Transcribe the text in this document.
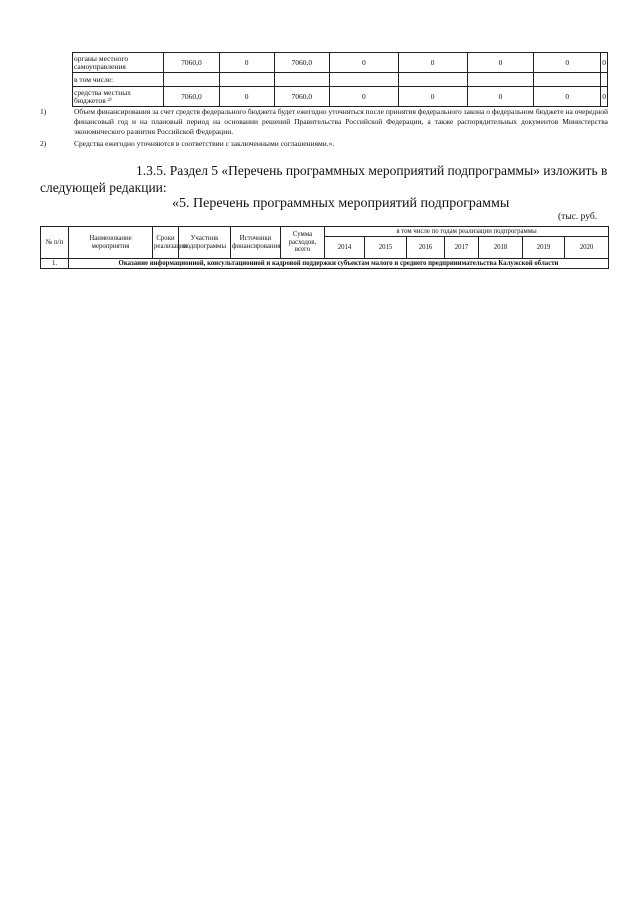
органы местного самоуправления	7060,0	0	7060,0	0	0	0	0	0
в том числе:								
средства местных бюджетов ²⁾	7060,0	0	7060,0	0	0	0	0	0
1)	Объем финансирования за счет средств федерального бюджета будет ежегодно уточняться после принятия федерального закона о федеральном бюджете на очередной финансовый год и на плановый период на основании решений Правительства Российской Федерации, а также распорядительных документов Министерства экономического развития Российской Федерации.
2)	Средства ежегодно уточняются в соответствии с заключенными соглашениями.».
1.3.5. Раздел 5 «Перечень программных мероприятий подпрограммы» изложить в следующей редакции:
«5. Перечень программных мероприятий подпрограммы
(тыс. руб.
№ п/п	Наименование мероприятия	Сроки реализации	Участник подпрограммы	Источники финансирования	Сумма расходов, всего	в том числе по годам реализации подпрограммы						
						2014	2015	2016	2017	2018	2019	2020
1.	Оказание информационной, консультационной и кадровой поддержки субъектам малого и среднего предпринимательства Калужской области											
